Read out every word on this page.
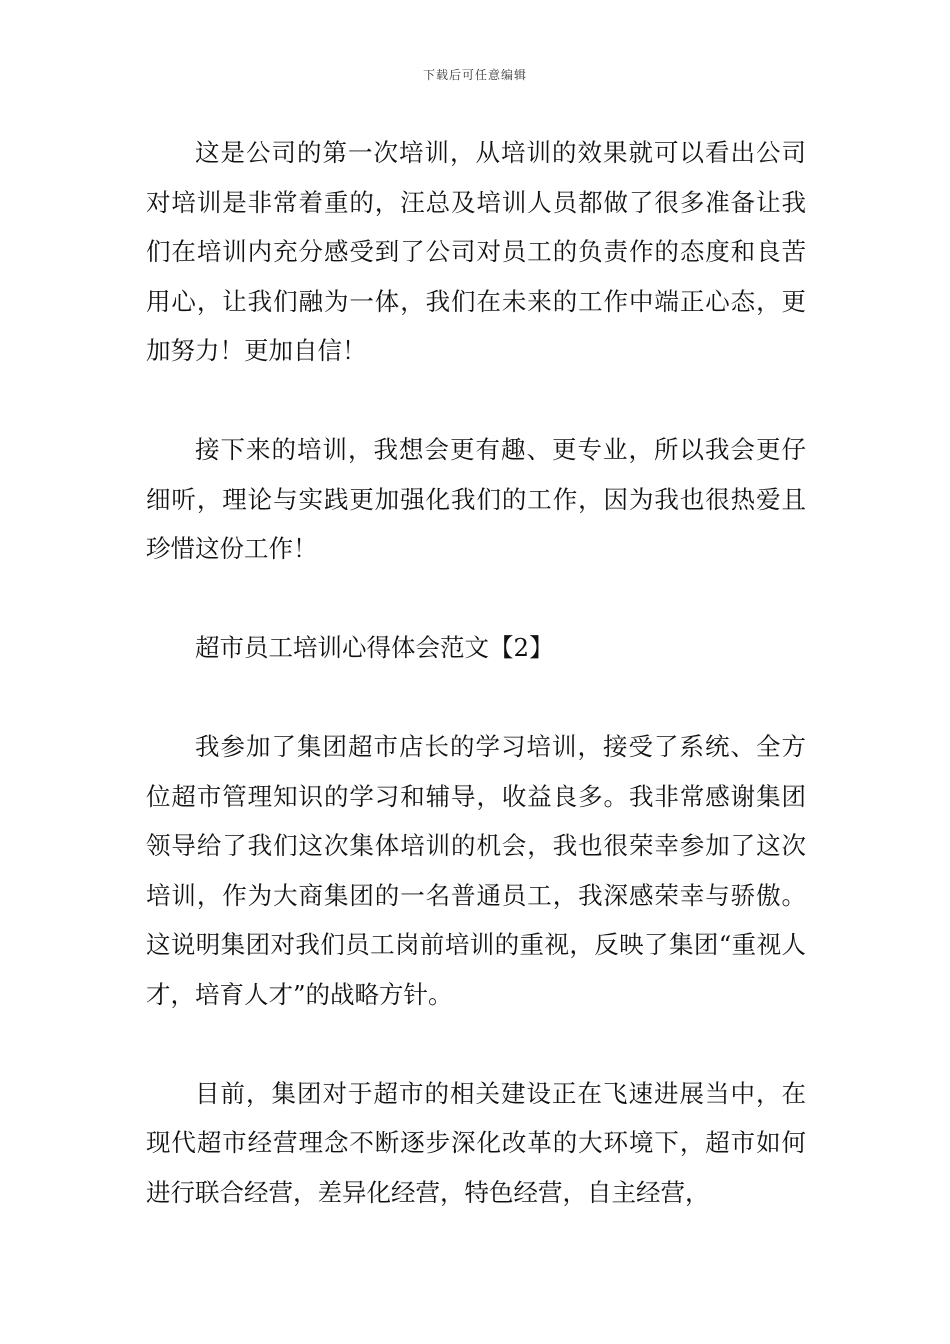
下载后可任意编辑

这是公司的第一次培训，从培训的效果就可以看出公司对培训是非常着重的，汪总及培训人员都做了很多准备让我们在培训内充分感受到了公司对员工的负责作的态度和良苦用心，让我们融为一体，我们在未来的工作中端正心态，更加努力！更加自信！

接下来的培训，我想会更有趣、更专业，所以我会更仔细听，理论与实践更加强化我们的工作，因为我也很热爱且珍惜这份工作！

超市员工培训心得体会范文【2】

我参加了集团超市店长的学习培训，接受了系统、全方位超市管理知识的学习和辅导，收益良多。我非常感谢集团领导给了我们这次集体培训的机会，我也很荣幸参加了这次培训，作为大商集团的一名普通员工，我深感荣幸与骄傲。这说明集团对我们员工岗前培训的重视，反映了集团“重视人才，培育人才”的战略方针。

目前，集团对于超市的相关建设正在飞速进展当中，在现代超市经营理念不断逐步深化改革的大环境下，超市如何进行联合经营，差异化经营，特色经营，自主经营，
